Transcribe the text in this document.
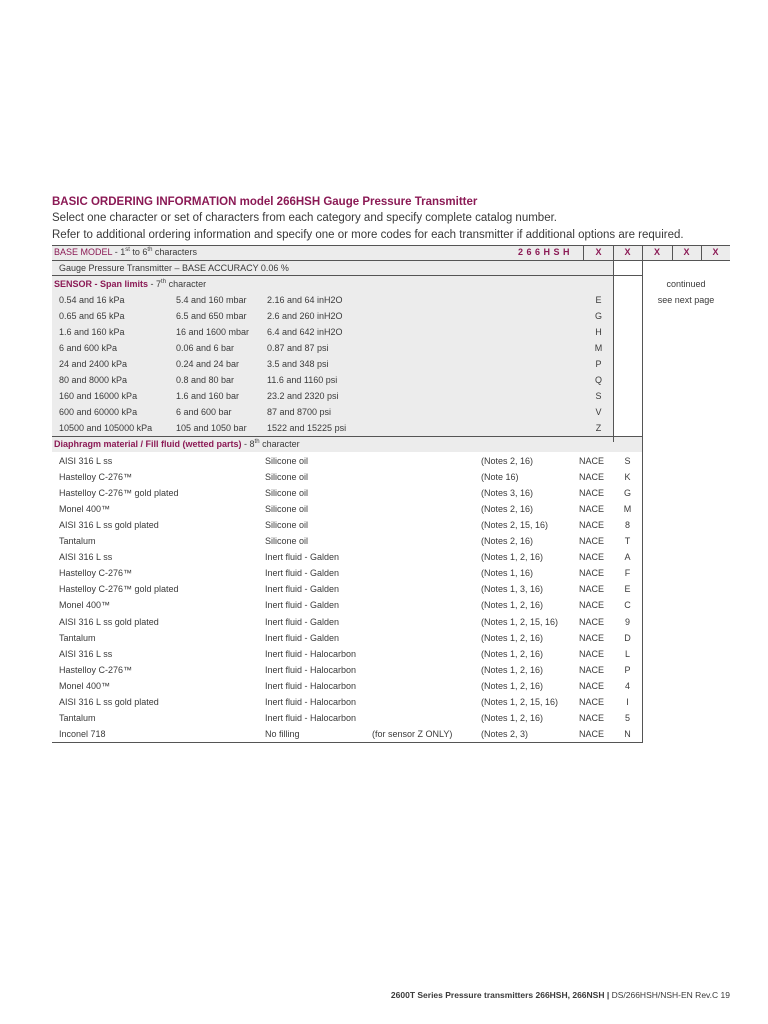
BASIC ORDERING INFORMATION model 266HSH Gauge Pressure Transmitter
Select one character or set of characters from each category and specify complete catalog number.
Refer to additional ordering information and specify one or more codes for each transmitter if additional options are required.
BASE MODEL - 1st to 6th characters	2 6 6 H S H	X	X	X	X	X
Gauge Pressure Transmitter – BASE ACCURACY 0.06 %
SENSOR - Span limits - 7th character	continued
see next page
0.54 and 16 kPa	5.4 and 160 mbar 2.16 and 64 inH2O	E
0.65 and 65 kPa	6.5 and 650 mbar 2.6 and 260 inH2O	G
1.6 and 160 kPa	16 and 1600 mbar 6.4 and 642 inH2O	H
6 and 600 kPa	0.06 and 6 bar	0.87 and 87 psi	M
24 and 2400 kPa	0.24 and 24 bar	3.5 and 348 psi	P
80 and 8000 kPa	0.8 and 80 bar	11.6 and 1160 psi	Q
160 and 16000 kPa	1.6 and 160 bar	23.2 and 2320 psi	S
600 and 60000 kPa	6 and 600 bar	87 and 8700 psi	V
10500 and 105000 kPa	105 and 1050 bar 1522 and 15225 psi	Z
Diaphragm material / Fill fluid (wetted parts) - 8th character
AISI 316 L ss	Silicone oil	(Notes 2, 16)	NACE	S
Hastelloy C-276™	Silicone oil	(Note 16)	NACE	K
Hastelloy C-276™ gold plated	Silicone oil	(Notes 3, 16)	NACE	G
Monel 400™	Silicone oil	(Notes 2, 16)	NACE	M
AISI 316 L ss gold plated	Silicone oil	(Notes 2, 15, 16)	NACE	8
Tantalum	Silicone oil	(Notes 2, 16)	NACE	T
AISI 316 L ss	Inert fluid - Galden	(Notes 1, 2, 16)	NACE	A
Hastelloy C-276™	Inert fluid - Galden	(Notes 1, 16)	NACE	F
Hastelloy C-276™ gold plated	Inert fluid - Galden	(Notes 1, 3, 16)	NACE	E
Monel 400™	Inert fluid - Galden	(Notes 1, 2, 16)	NACE	C
AISI 316 L ss gold plated	Inert fluid - Galden	(Notes 1, 2, 15, 16) NACE	9
Tantalum	Inert fluid - Galden	(Notes 1, 2, 16)	NACE	D
AISI 316 L ss	Inert fluid - Halocarbon	(Notes 1, 2, 16)	NACE	L
Hastelloy C-276™	Inert fluid - Halocarbon	(Notes 1, 2, 16)	NACE	P
Monel 400™	Inert fluid - Halocarbon	(Notes 1, 2, 16)	NACE	4
AISI 316 L ss gold plated	Inert fluid - Halocarbon	(Notes 1, 2, 15, 16) NACE	I
Tantalum	Inert fluid - Halocarbon	(Notes 1, 2, 16)	NACE	5
Inconel 718	No filling	(for sensor Z ONLY)	(Notes 2, 3)	NACE	N
2600T Series Pressure transmitters 266HSH, 266NSH | DS/266HSH/NSH-EN Rev.C 19
